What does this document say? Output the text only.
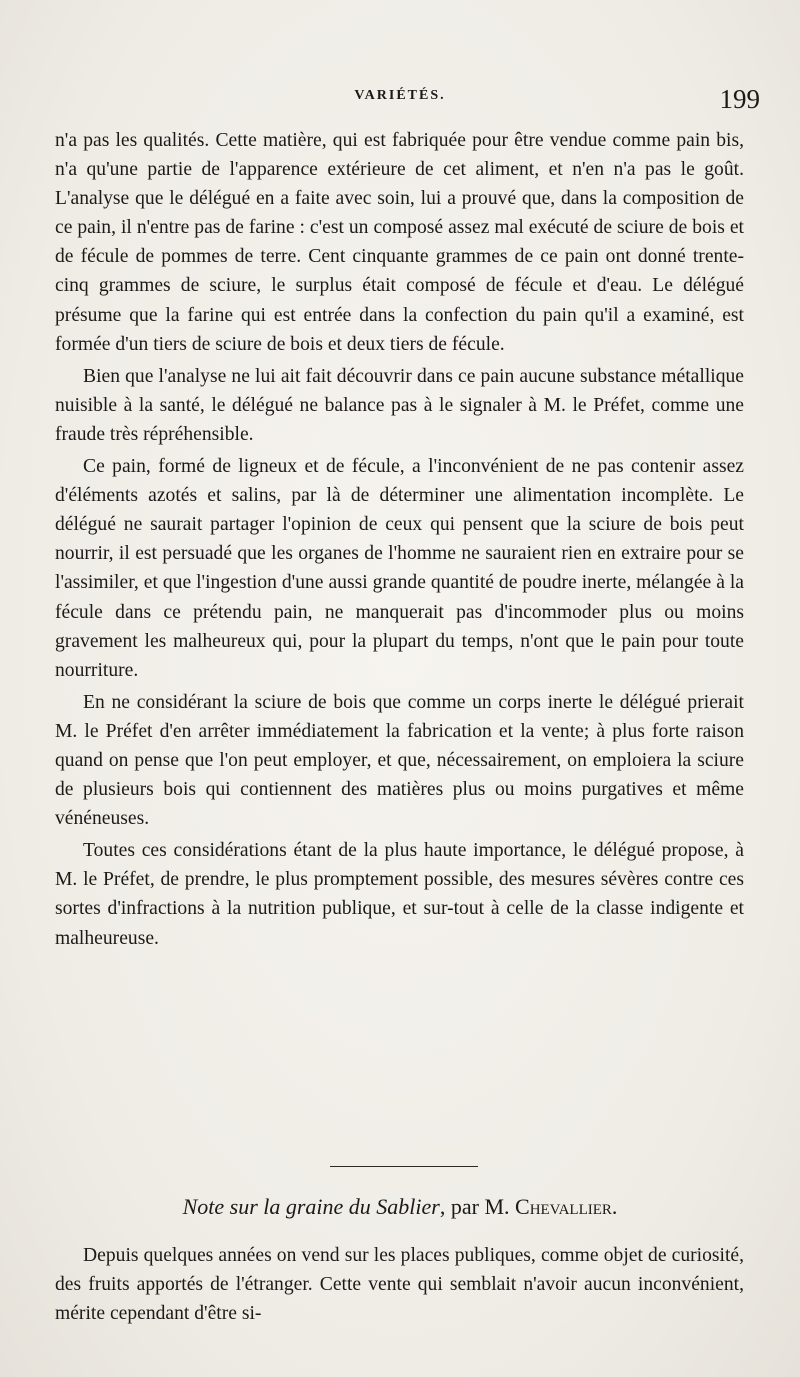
VARIÉTÉS.	199

n'a pas les qualités. Cette matière, qui est fabriquée pour être vendue comme pain bis, n'a qu'une partie de l'apparence extérieure de cet aliment, et n'en n'a pas le goût. L'analyse que le délégué en a faite avec soin, lui a prouvé que, dans la composition de ce pain, il n'entre pas de farine : c'est un composé assez mal exécuté de sciure de bois et de fécule de pommes de terre. Cent cinquante grammes de ce pain ont donné trente-cinq grammes de sciure, le surplus était composé de fécule et d'eau. Le délégué présume que la farine qui est entrée dans la confection du pain qu'il a examiné, est formée d'un tiers de sciure de bois et deux tiers de fécule.

Bien que l'analyse ne lui ait fait découvrir dans ce pain aucune substance métallique nuisible à la santé, le délégué ne balance pas à le signaler à M. le Préfet, comme une fraude très répréhensible.

Ce pain, formé de ligneux et de fécule, a l'inconvénient de ne pas contenir assez d'éléments azotés et salins, par là de déterminer une alimentation incomplète. Le délégué ne saurait partager l'opinion de ceux qui pensent que la sciure de bois peut nourrir, il est persuadé que les organes de l'homme ne sauraient rien en extraire pour se l'assimiler, et que l'ingestion d'une aussi grande quantité de poudre inerte, mélangée à la fécule dans ce prétendu pain, ne manquerait pas d'incommoder plus ou moins gravement les malheureux qui, pour la plupart du temps, n'ont que le pain pour toute nourriture.

En ne considérant la sciure de bois que comme un corps inerte le délégué prierait M. le Préfet d'en arrêter immédiatement la fabrication et la vente; à plus forte raison quand on pense que l'on peut employer, et que, nécessairement, on emploiera la sciure de plusieurs bois qui contiennent des matières plus ou moins purgatives et même vénéneuses.

Toutes ces considérations étant de la plus haute importance, le délégué propose, à M. le Préfet, de prendre, le plus promptement possible, des mesures sévères contre ces sortes d'infractions à la nutrition publique, et sur-tout à celle de la classe indigente et malheureuse.

Note sur la graine du Sablier, par M. Chevallier.

Depuis quelques années on vend sur les places publiques, comme objet de curiosité, des fruits apportés de l'étranger. Cette vente qui semblait n'avoir aucun inconvénient, mérite cependant d'être si-
